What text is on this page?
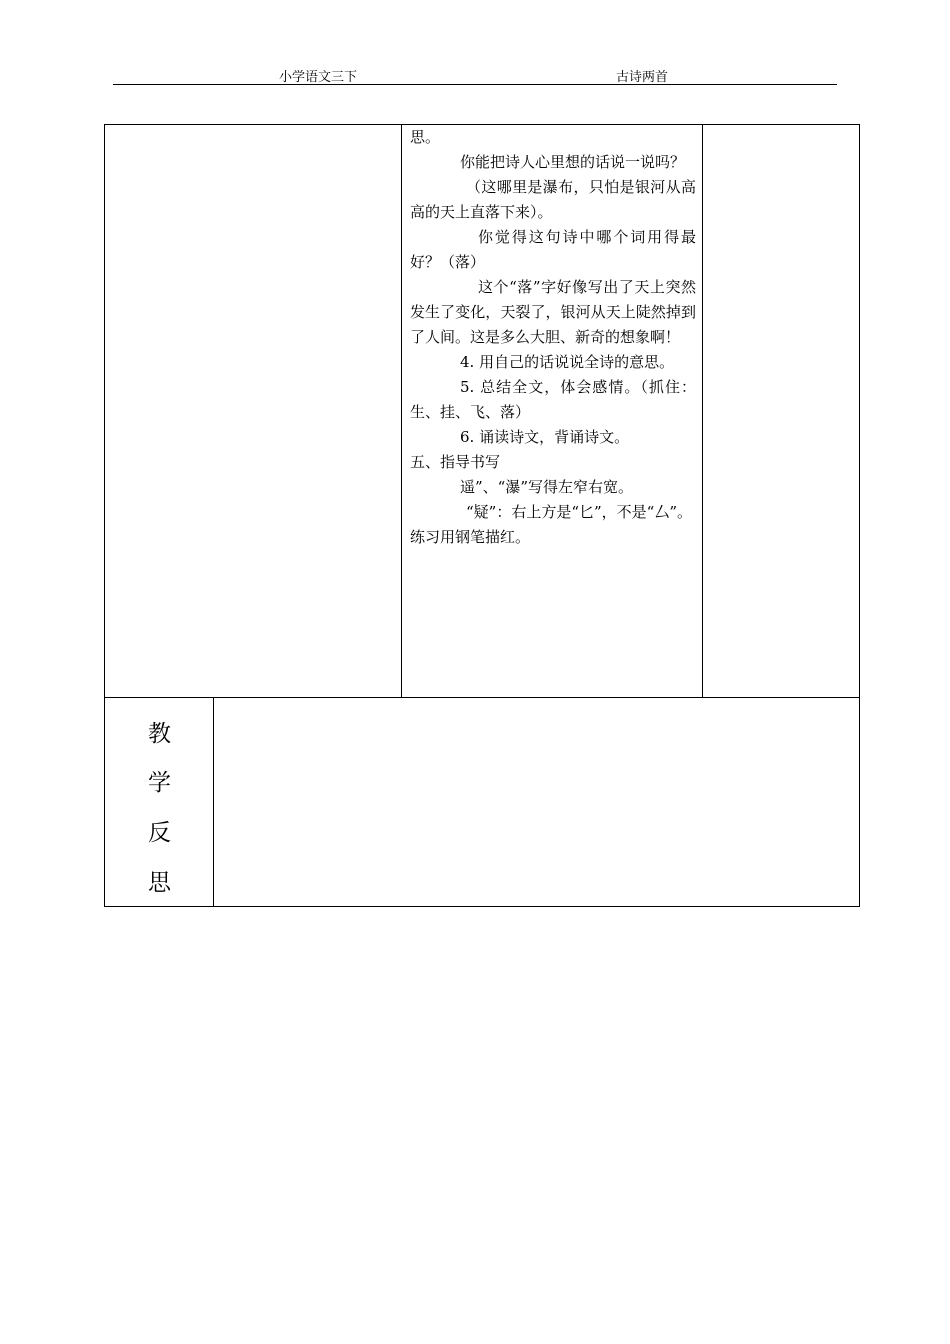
小学语文三下	古诗两首

思。

你能把诗人心里想的话说一说吗？

（这哪里是瀑布，只怕是银河从高高的天上直落下来）。

你觉得这句诗中哪个词用得最好？（落）

这个“落”字好像写出了天上突然发生了变化，天裂了，银河从天上陡然掉到了人间。这是多么大胆、新奇的想象啊！

4. 用自己的话说说全诗的意思。

5. 总结全文，体会感情。（抓住：生、挂、飞、落）

6. 诵读诗文，背诵诗文。

五、指导书写

遥”、“瀑”写得左窄右宽。

“疑”：右上方是“匕”，不是“厶”。

练习用钢笔描红。

教
学
反
思
